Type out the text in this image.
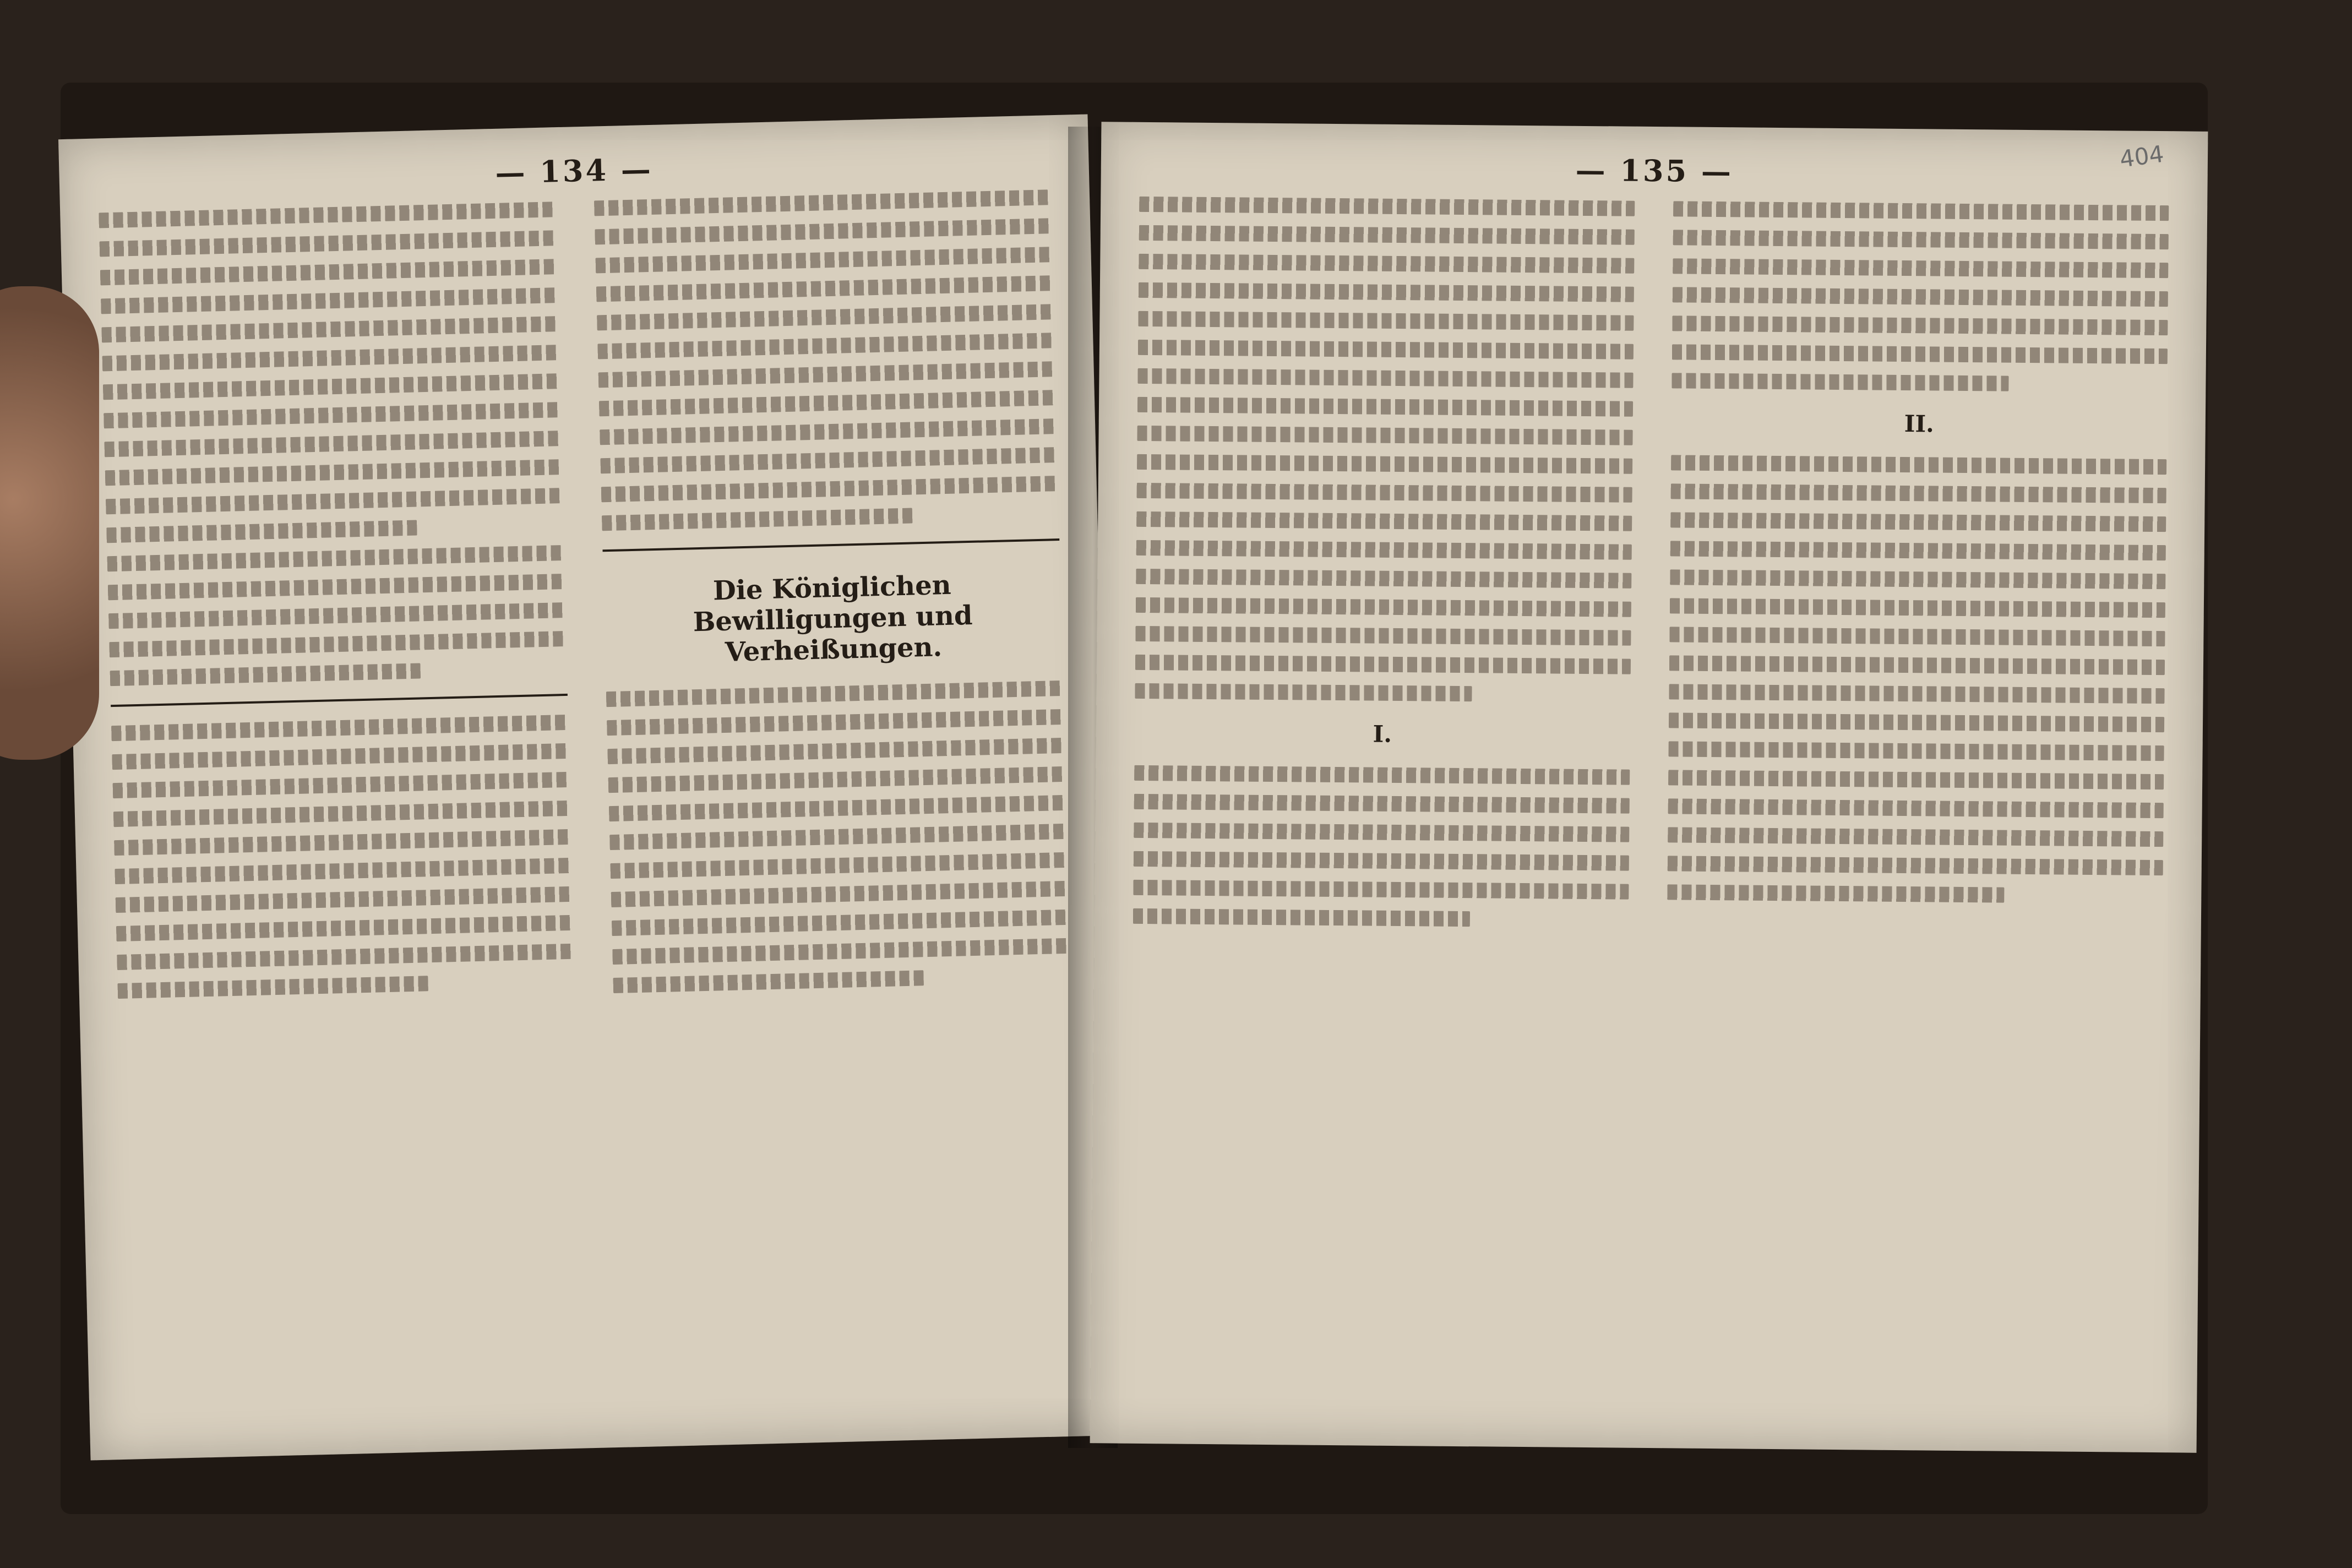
— 134 —
Die Königlichen Bewilligungen und Verheißungen.
404
— 135 —
I.
II.
